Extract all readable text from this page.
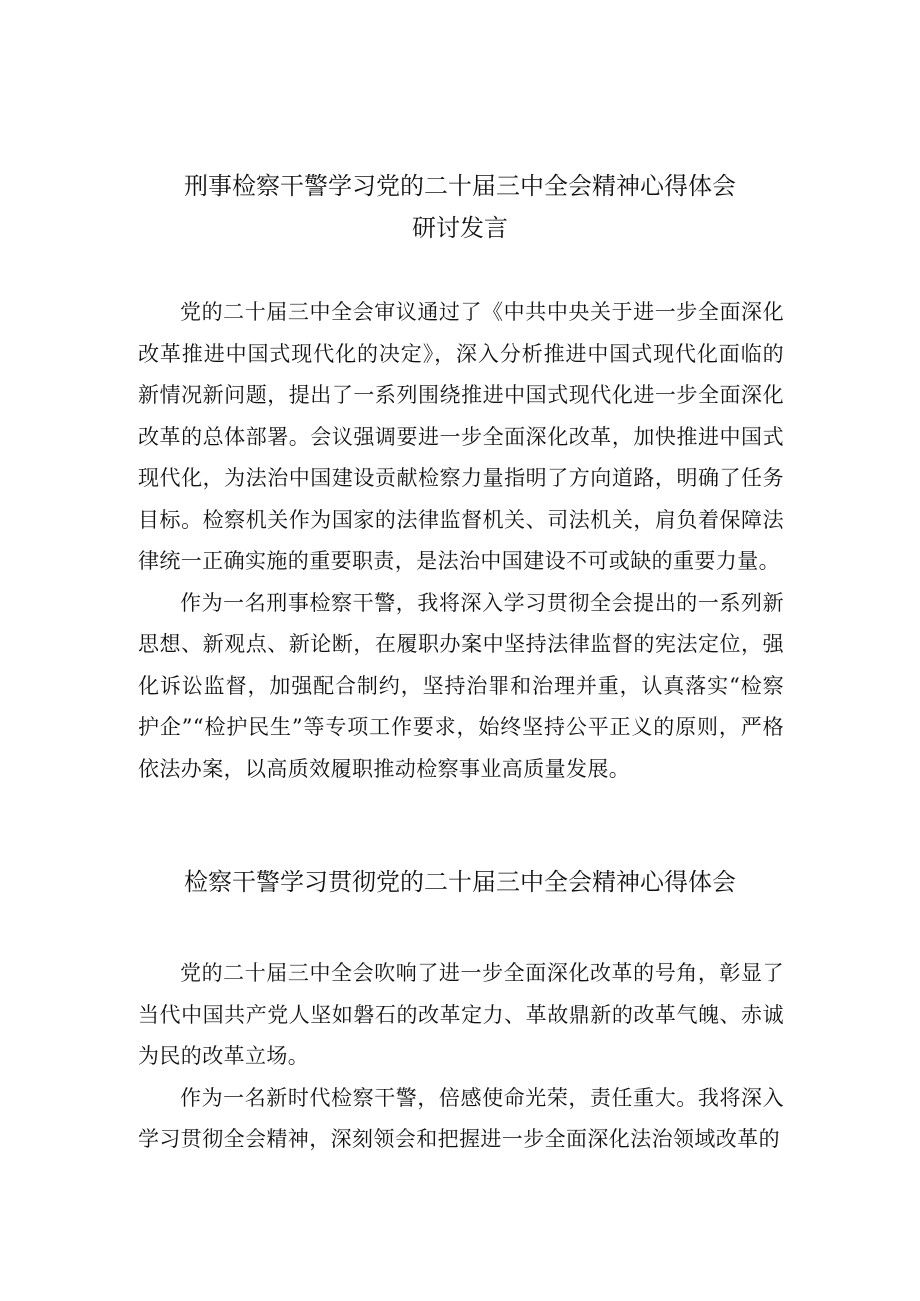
刑事检察干警学习党的二十届三中全会精神心得体会
研讨发言

党的二十届三中全会审议通过了《中共中央关于进一步全面深化改革推进中国式现代化的决定》，深入分析推进中国式现代化面临的新情况新问题，提出了一系列围绕推进中国式现代化进一步全面深化改革的总体部署。会议强调要进一步全面深化改革，加快推进中国式现代化，为法治中国建设贡献检察力量指明了方向道路，明确了任务目标。检察机关作为国家的法律监督机关、司法机关，肩负着保障法律统一正确实施的重要职责，是法治中国建设不可或缺的重要力量。

作为一名刑事检察干警，我将深入学习贯彻全会提出的一系列新思想、新观点、新论断，在履职办案中坚持法律监督的宪法定位，强化诉讼监督，加强配合制约，坚持治罪和治理并重，认真落实“检察护企”“检护民生”等专项工作要求，始终坚持公平正义的原则，严格依法办案，以高质效履职推动检察事业高质量发展。

检察干警学习贯彻党的二十届三中全会精神心得体会

党的二十届三中全会吹响了进一步全面深化改革的号角，彰显了当代中国共产党人坚如磐石的改革定力、革故鼎新的改革气魄、赤诚为民的改革立场。

作为一名新时代检察干警，倍感使命光荣，责任重大。我将深入学习贯彻全会精神，深刻领会和把握进一步全面深化法治领域改革的
